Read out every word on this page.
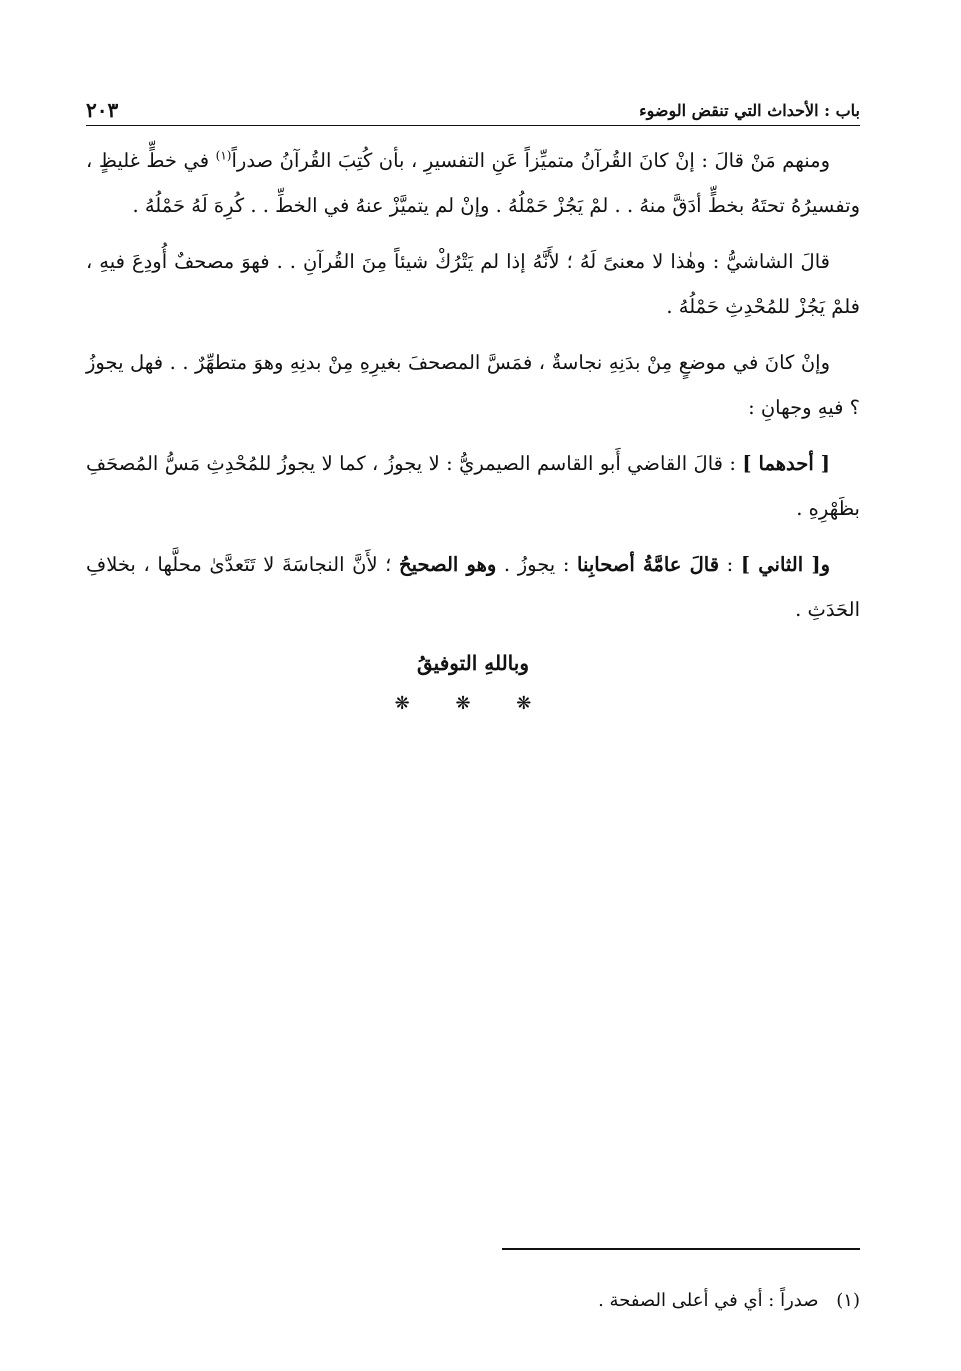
باب : الأحداث التي تنقض الوضوء
٢٠٣

ومنهم مَنْ قالَ : إنْ كانَ القُرآنُ متميِّزاً عَنِ التفسيرِ ، بأن كُتِبَ القُرآنُ صدراً$^{(١)}$ في خطٍّ غليظٍ ، وتفسيرُهُ تحتَهُ بخطٍّ أدَقَّ منهُ . . لمْ يَجُزْ حَمْلُهُ . وإنْ لم يتميَّزْ عنهُ في الخطِّ . . كُرِهَ لَهُ حَمْلُهُ .

قالَ الشاشيُّ : وهٰذا لا معنىً لَهُ ؛ لأَنَّهُ إذا لم يَتْرُكْ شيئاً مِنَ القُرآنِ . . فهوَ مصحفٌ أُودِعَ فيهِ ، فلمْ يَجُزْ للمُحْدِثِ حَمْلُهُ .

وإنْ كانَ في موضعٍ مِنْ بدَنِهِ نجاسةٌ ، فمَسَّ المصحفَ بغيرِهِ مِنْ بدنِهِ وهوَ متطهِّرٌ . . فهل يجوزُ ؟ فيهِ وجهانِ :

[ أحدهما ] : قالَ القاضي أَبو القاسم الصيمريُّ : لا يجوزُ ، كما لا يجوزُ للمُحْدِثِ مَسُّ المُصحَفِ بظَهْرِهِ .

و[ الثاني ] : قالَ عامَّةُ أصحابِنا : يجوزُ . وهو الصحيحُ ؛ لأَنَّ النجاسَةَ لا تَتَعدَّىٰ محلَّها ، بخلافِ الحَدَثِ .

وباللهِ التوفيقُ
❋ ❋ ❋
(١) صدراً : أي في أعلى الصفحة .
